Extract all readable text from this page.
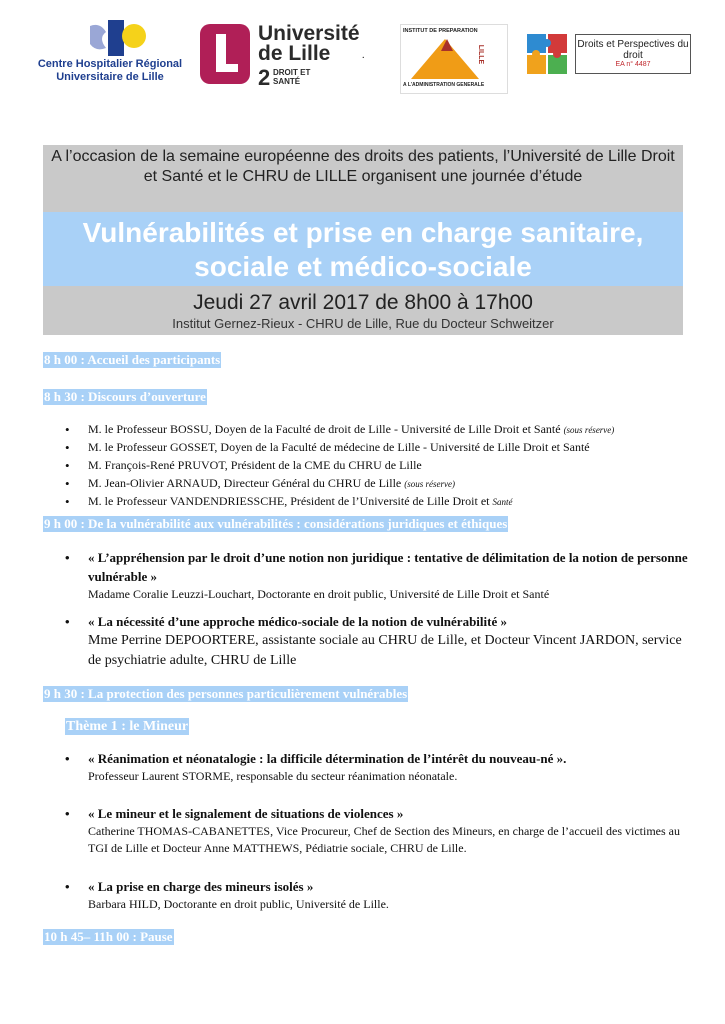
Centre Hospitalier Régional Universitaire de Lille
Université de Lille
2 DROIT ET SANTÉ
.
INSTITUT DE PREPARATION
LILLE
A L'ADMINISTRATION GENERALE
Droits et Perspectives du droit
EA n° 4487
A l’occasion de la semaine européenne des droits des patients, l’Université de Lille Droit et Santé et le CHRU de LILLE organisent une journée d’étude
Vulnérabilités et prise en charge sanitaire, sociale et médico-sociale
Jeudi 27 avril 2017 de 8h00 à 17h00
Institut Gernez-Rieux - CHRU de Lille, Rue du Docteur Schweitzer
8 h 00 : Accueil des participants
8 h 30 : Discours d’ouverture
• M. le Professeur BOSSU, Doyen de la Faculté de droit de Lille - Université de Lille Droit et Santé (sous réserve)
• M. le Professeur GOSSET, Doyen de la Faculté de médecine de Lille - Université de Lille Droit et Santé
• M. François-René PRUVOT, Président de la CME du CHRU de Lille
• M. Jean-Olivier ARNAUD, Directeur Général du CHRU de Lille (sous réserve)
• M. le Professeur VANDENDRIESSCHE, Président de l’Université de Lille Droit et Santé
9 h 00 : De la vulnérabilité aux vulnérabilités : considérations juridiques et éthiques
• « L’appréhension par le droit d’une notion non juridique : tentative de délimitation de la notion de personne vulnérable »
Madame Coralie Leuzzi-Louchart, Doctorante en droit public, Université de Lille Droit et Santé
• « La nécessité d’une approche médico-sociale de la notion de vulnérabilité »
Mme Perrine DEPOORTERE, assistante sociale au CHRU de Lille, et Docteur Vincent JARDON, service de psychiatrie adulte, CHRU de Lille
9 h 30 : La protection des personnes particulièrement vulnérables
Thème 1 : le Mineur
• « Réanimation et néonatalogie : la difficile détermination de l’intérêt du nouveau-né ».
Professeur Laurent STORME, responsable du secteur réanimation néonatale.
• « Le mineur et le signalement de situations de violences »
Catherine THOMAS-CABANETTES, Vice Procureur, Chef de Section des Mineurs, en charge de l’accueil des victimes au TGI de Lille et Docteur Anne MATTHEWS, Pédiatrie sociale, CHRU de Lille.
• « La prise en charge des mineurs isolés »
Barbara HILD, Doctorante en droit public, Université de Lille.
10 h 45– 11h 00 : Pause
